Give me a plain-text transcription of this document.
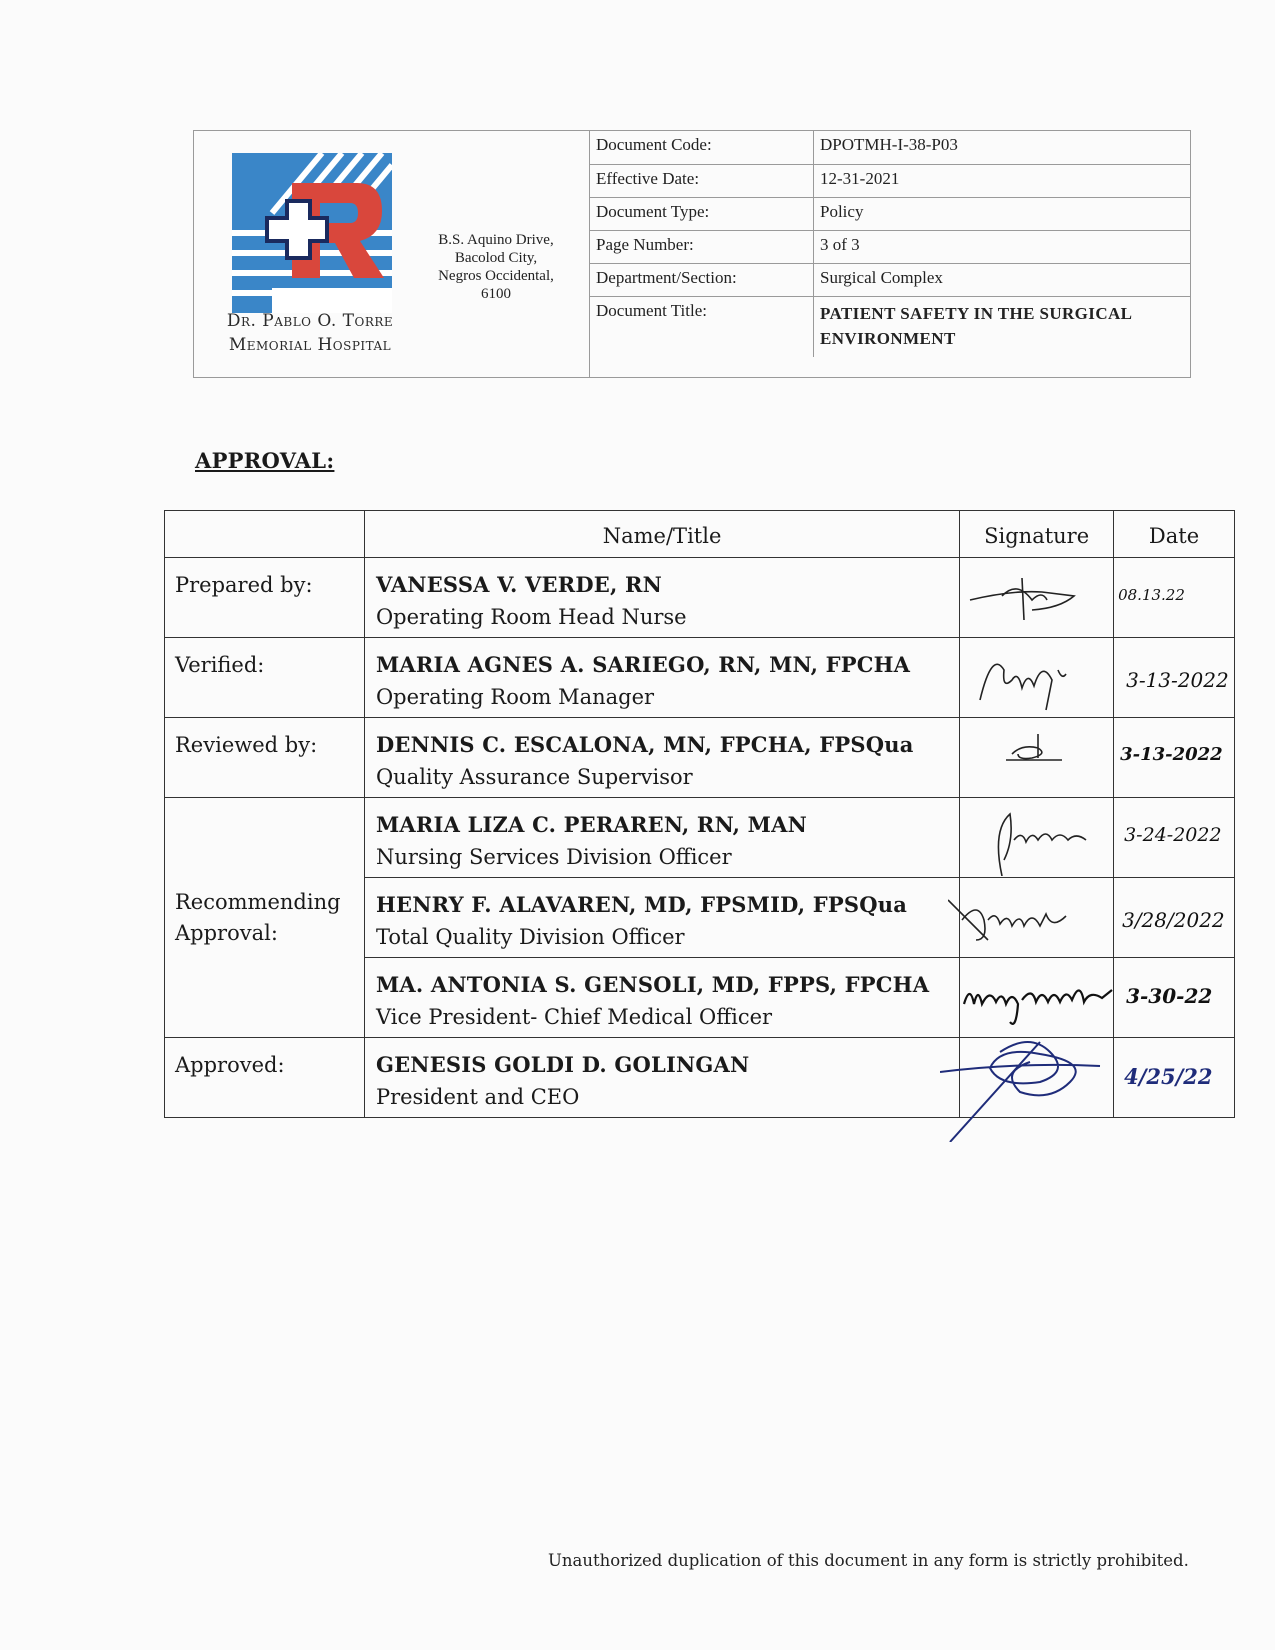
Dr. Pablo O. Torre
Memorial Hospital
B.S. Aquino Drive,
Bacolod City,
Negros Occidental,
6100
Document Code:	DPOTMH-I-38-P03
Effective Date:	12-31-2021
Document Type:	Policy
Page Number:	3 of 3
Department/Section:	Surgical Complex
Document Title:	PATIENT SAFETY IN THE SURGICAL ENVIRONMENT
APPROVAL:
	Name/Title	Signature	Date
Prepared by:	VANESSA V. VERDE, RN
Operating Room Head Nurse		08.13.22

Verified:	MARIA AGNES A. SARIEGO, RN, MN, FPCHA
Operating Room Manager		3-13-2022

Reviewed by:	DENNIS C. ESCALONA, MN, FPCHA, FPSQua
Quality Assurance Supervisor		3-13-2022

Recommending Approval:	MARIA LIZA C. PERAREN, RN, MAN
Nursing Services Division Officer		3-24-2022

	HENRY F. ALAVAREN, MD, FPSMID, FPSQua
Total Quality Division Officer		3/28/2022

	MA. ANTONIA S. GENSOLI, MD, FPPS, FPCHA
Vice President- Chief Medical Officer		3-30-22

Approved:	GENESIS GOLDI D. GOLINGAN
President and CEO		4/25/22
Unauthorized duplication of this document in any form is strictly prohibited.
